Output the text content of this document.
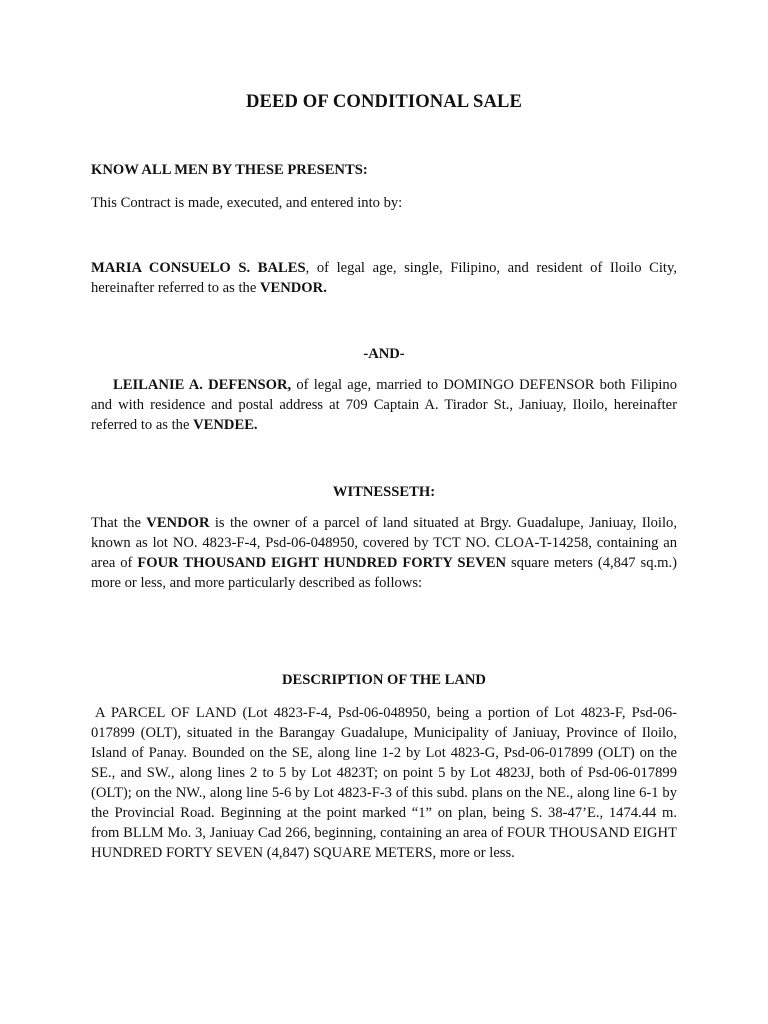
DEED OF CONDITIONAL SALE

KNOW ALL MEN BY THESE PRESENTS:

This Contract is made, executed, and entered into by:

MARIA CONSUELO S. BALES, of legal age, single, Filipino, and resident of Iloilo City, hereinafter referred to as the VENDOR.

-AND-

LEILANIE A. DEFENSOR, of legal age, married to DOMINGO DEFENSOR both Filipino and with residence and postal address at 709 Captain A. Tirador St., Janiuay, Iloilo, hereinafter referred to as the VENDEE.

WITNESSETH:

That the VENDOR is the owner of a parcel of land situated at Brgy. Guadalupe, Janiuay, Iloilo, known as lot NO. 4823-F-4, Psd-06-048950, covered by TCT NO. CLOA-T-14258, containing an area of FOUR THOUSAND EIGHT HUNDRED FORTY SEVEN square meters (4,847 sq.m.) more or less, and more particularly described as follows:

DESCRIPTION OF THE LAND

A PARCEL OF LAND (Lot 4823-F-4, Psd-06-048950, being a portion of Lot 4823-F, Psd-06-017899 (OLT), situated in the Barangay Guadalupe, Municipality of Janiuay, Province of Iloilo, Island of Panay. Bounded on the SE, along line 1-2 by Lot 4823-G, Psd-06-017899 (OLT) on the SE., and SW., along lines 2 to 5 by Lot 4823T; on point 5 by Lot 4823J, both of Psd-06-017899 (OLT); on the NW., along line 5-6 by Lot 4823-F-3 of this subd. plans on the NE., along line 6-1 by the Provincial Road. Beginning at the point marked “1” on plan, being S. 38-47’E., 1474.44 m. from BLLM Mo. 3, Janiuay Cad 266, beginning, containing an area of FOUR THOUSAND EIGHT HUNDRED FORTY SEVEN (4,847) SQUARE METERS, more or less.
